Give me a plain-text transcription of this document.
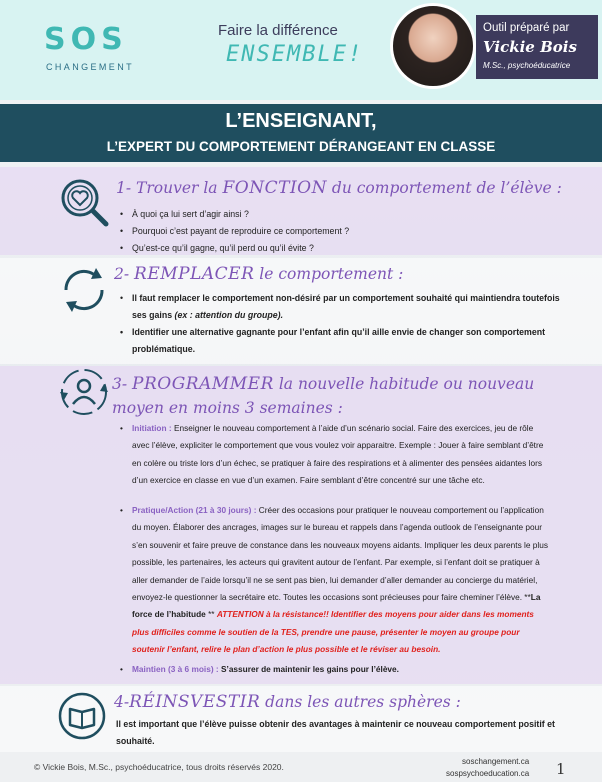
SOS
CHANGEMENT
Faire la différence
ENSEMBLE!
Outil préparé par
Vickie Bois
M.Sc., psychoéducatrice
L’ENSEIGNANT,
L’EXPERT DU COMPORTEMENT DÉRANGEANT EN CLASSE
1- Trouver la FONCTION du comportement de l’élève :
• À quoi ça lui sert d’agir ainsi ?
• Pourquoi c’est payant de reproduire ce comportement ?
• Qu’est-ce qu’il gagne, qu’il perd ou qu’il évite ?
2- REMPLACER le comportement :
• Il faut remplacer le comportement non-désiré par un comportement souhaité qui maintiendra toutefois ses gains (ex : attention du groupe).
• Identifier une alternative gagnante pour l’enfant afin qu’il aille envie de changer son comportement problématique.
3- PROGRAMMER la nouvelle habitude ou nouveau moyen en moins 3 semaines :
• Initiation : Enseigner le nouveau comportement à l’aide d’un scénario social. Faire des exercices, jeu de rôle avec l’élève, expliciter le comportement que vous voulez voir apparaitre. Exemple : Jouer à faire semblant d’être en colère ou triste lors d’un échec, se pratiquer à faire des respirations et à alimenter des pensées aidantes lors d’un exercice en classe en vue d’un examen. Faire semblant d’être concentré sur une tâche etc.
• Pratique/Action (21 à 30 jours) : Créer des occasions pour pratiquer le nouveau comportement ou l’application du moyen. Élaborer des ancrages, images sur le bureau et rappels dans l’agenda outlook de l’enseignante pour s’en souvenir et faire preuve de constance dans les nouveaux moyens aidants. Impliquer les deux parents le plus possible, les partenaires, les acteurs qui gravitent autour de l’enfant. Par exemple, si l’enfant doit se pratiquer à aller demander de l’aide lorsqu’il ne se sent pas bien, lui demander d’aller demander au concierge du matériel, envoyez-le questionner la secrétaire etc. Toutes les occasions sont précieuses pour faire cheminer l’élève. **La force de l’habitude ** ATTENTION à la résistance!! Identifier des moyens pour aider dans les moments plus difficiles comme le soutien de la TES, prendre une pause, présenter le moyen au groupe pour soutenir l’enfant, relire le plan d’action le plus possible et le réviser au besoin.
• Maintien (3 à 6 mois) : S’assurer de maintenir les gains pour l’élève.
4-RÉINSVESTIR dans les autres sphères :
Il est important que l’élève puisse obtenir des avantages à maintenir ce nouveau comportement positif et souhaité.
© Vickie Bois, M.Sc., psychoéducatrice, tous droits réservés 2020.
soschangement.ca
sospsychoeducation.ca 1
